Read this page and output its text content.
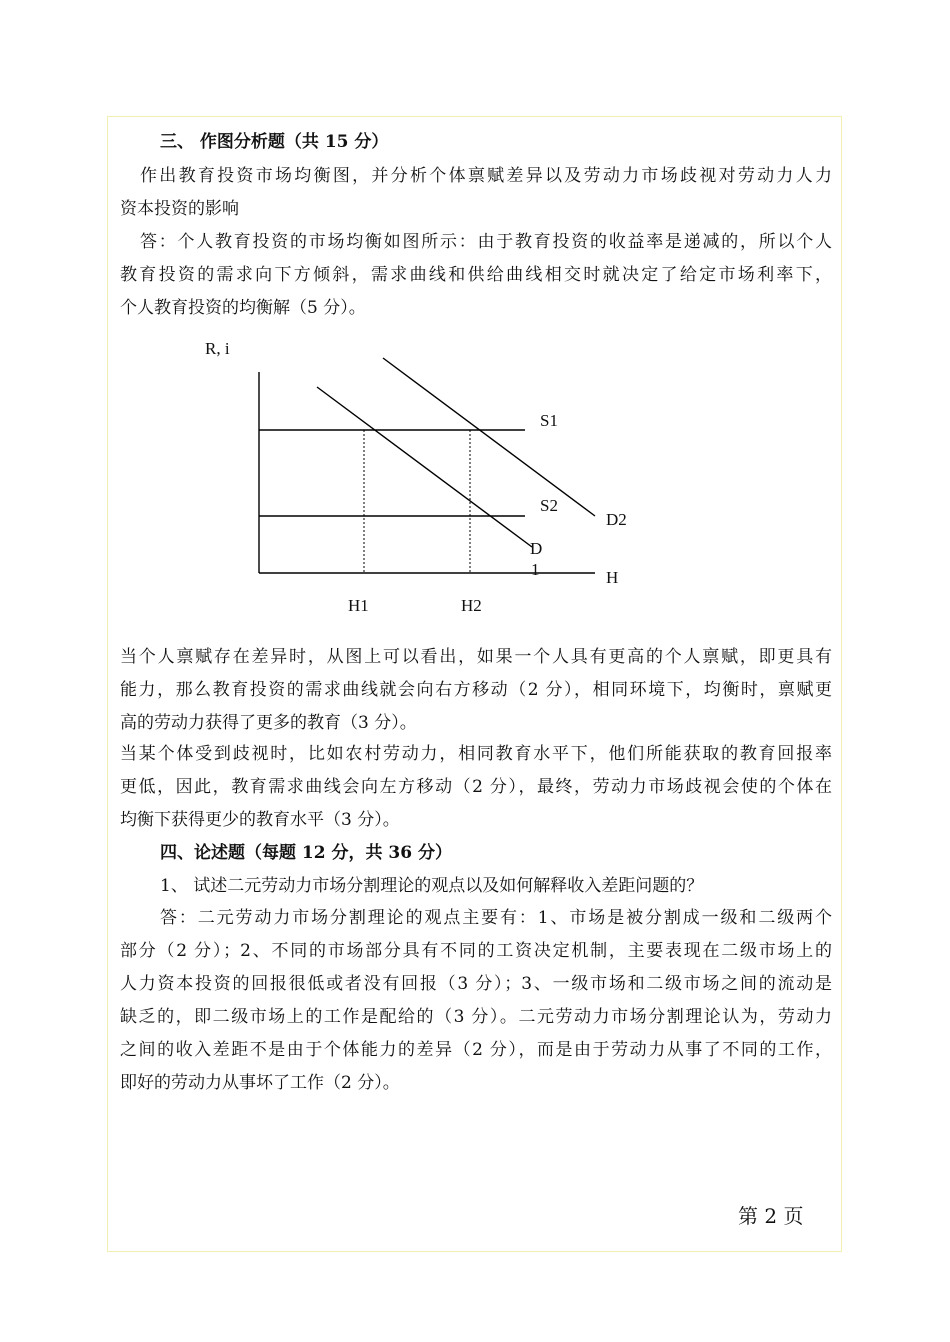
三、 作图分析题（共 15 分）
作出教育投资市场均衡图，并分析个体禀赋差异以及劳动力市场歧视对劳动力人力
资本投资的影响
答：个人教育投资的市场均衡如图所示：由于教育投资的收益率是递减的，所以个人
教育投资的需求向下方倾斜，需求曲线和供给曲线相交时就决定了给定市场利率下，
个人教育投资的均衡解（5 分）。
R, i
S1
S2
D2
D
1	H
H1	H2
当个人禀赋存在差异时，从图上可以看出，如果一个人具有更高的个人禀赋，即更具有
能力，那么教育投资的需求曲线就会向右方移动（2 分），相同环境下，均衡时，禀赋更
高的劳动力获得了更多的教育（3 分）。
当某个体受到歧视时，比如农村劳动力，相同教育水平下，他们所能获取的教育回报率
更低，因此，教育需求曲线会向左方移动（2 分），最终，劳动力市场歧视会使的个体在
均衡下获得更少的教育水平（3 分）。
四、论述题（每题 12 分，共 36 分）
1、 试述二元劳动力市场分割理论的观点以及如何解释收入差距问题的？
答：二元劳动力市场分割理论的观点主要有：1、市场是被分割成一级和二级两个
部分（2 分）；2、不同的市场部分具有不同的工资决定机制，主要表现在二级市场上的
人力资本投资的回报很低或者没有回报（3 分）；3、一级市场和二级市场之间的流动是
缺乏的，即二级市场上的工作是配给的（3 分）。二元劳动力市场分割理论认为，劳动力
之间的收入差距不是由于个体能力的差异（2 分），而是由于劳动力从事了不同的工作，
即好的劳动力从事坏了工作（2 分）。
第 2 页
